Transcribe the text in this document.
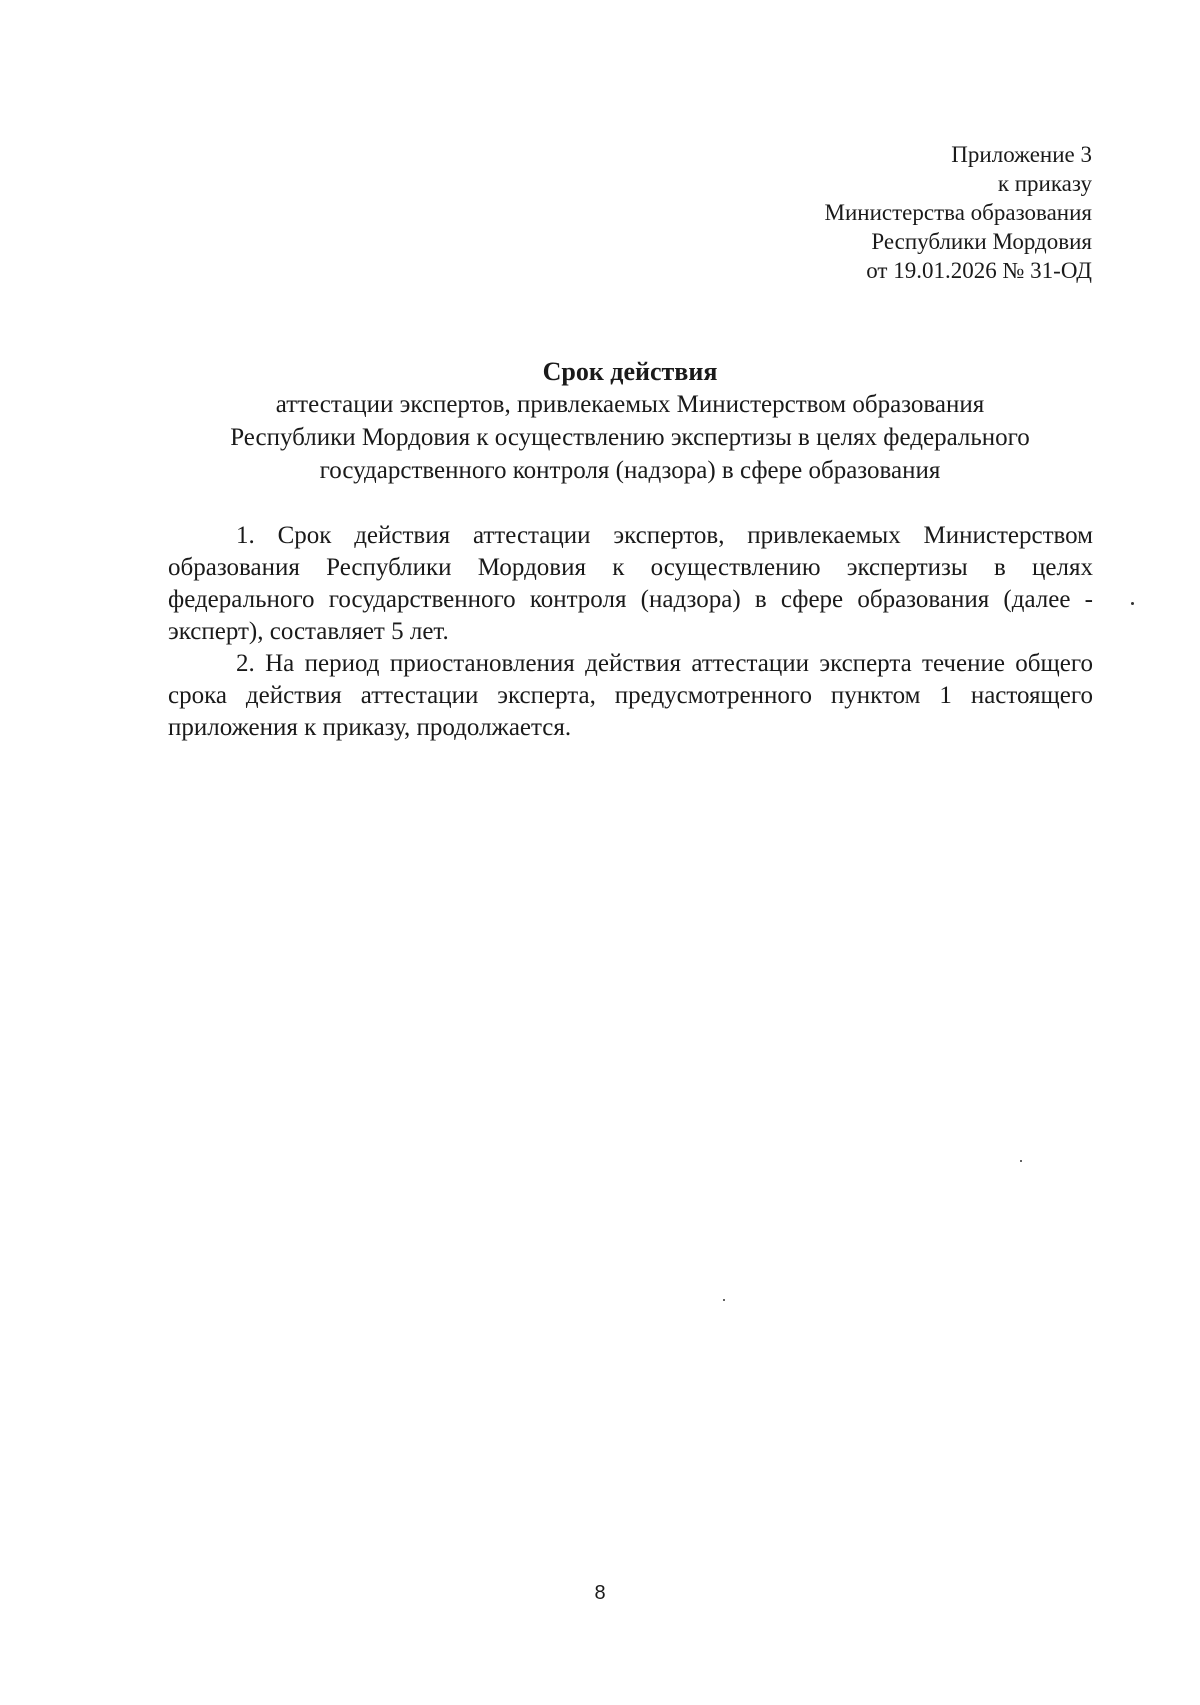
Приложение 3
к приказу
Министерства образования
Республики Мордовия
от 19.01.2026 № 31-ОД
Срок действия
аттестации экспертов, привлекаемых Министерством образования
Республики Мордовия к осуществлению экспертизы в целях федерального
государственного контроля (надзора) в сфере образования

1. Срок действия аттестации экспертов, привлекаемых Министерством образования Республики Мордовия к осуществлению экспертизы в целях федерального государственного контроля (надзора) в сфере образования (далее - эксперт), составляет 5 лет.

2. На период приостановления действия аттестации эксперта течение общего срока действия аттестации эксперта, предусмотренного пунктом 1 настоящего приложения к приказу, продолжается.

8
